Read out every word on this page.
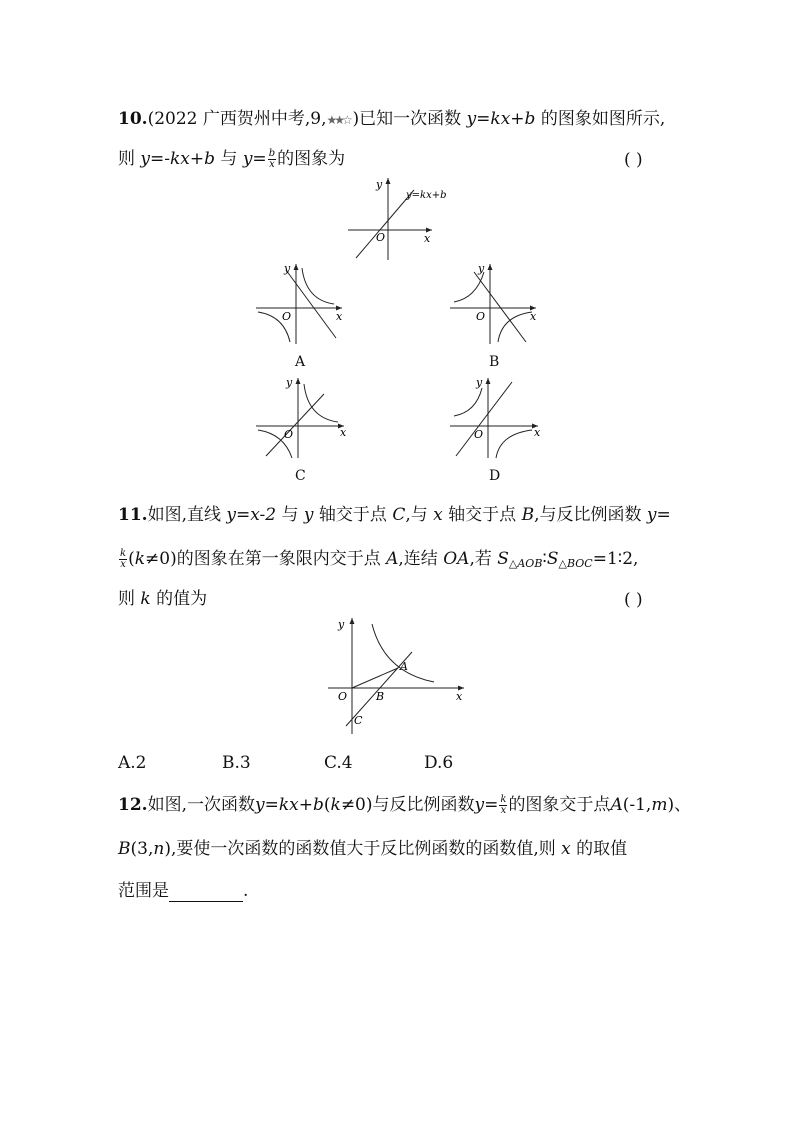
10.(2022 广西贺州中考,9,★★☆ )已知一次函数 y=kx+b 的图象如图所示,
则 y=-kx+b 与 $y= \frac{b}{x}$ 的图象为	( )
y
x
O
y=kx+b
y
x
O
A
y
x
O
B
y
x
O
C
y
x
O
D
11.如图,直线 y=x-2 与 y 轴交于点 C,与 x 轴交于点 B,与反比例函数 y=
$\frac{k}{x} (k\ne 0)$的图象在第一象限内交于点 A,连结 OA,若 $S_{\triangle AOB}∶S_{\triangle BOC}=1∶2$,
则 k 的值为	( )
y
x
O
A
B
C
A.2	B.3	C.4	D.6
12.如图,一次函数y=kx+b(k≠0)与反比例函数$y= \frac{k}{x}$ 的图象交于点A(-1,m)、
B(3,n),要使一次函数的函数值大于反比例函数的函数值,则 x 的取值
范围是	.
